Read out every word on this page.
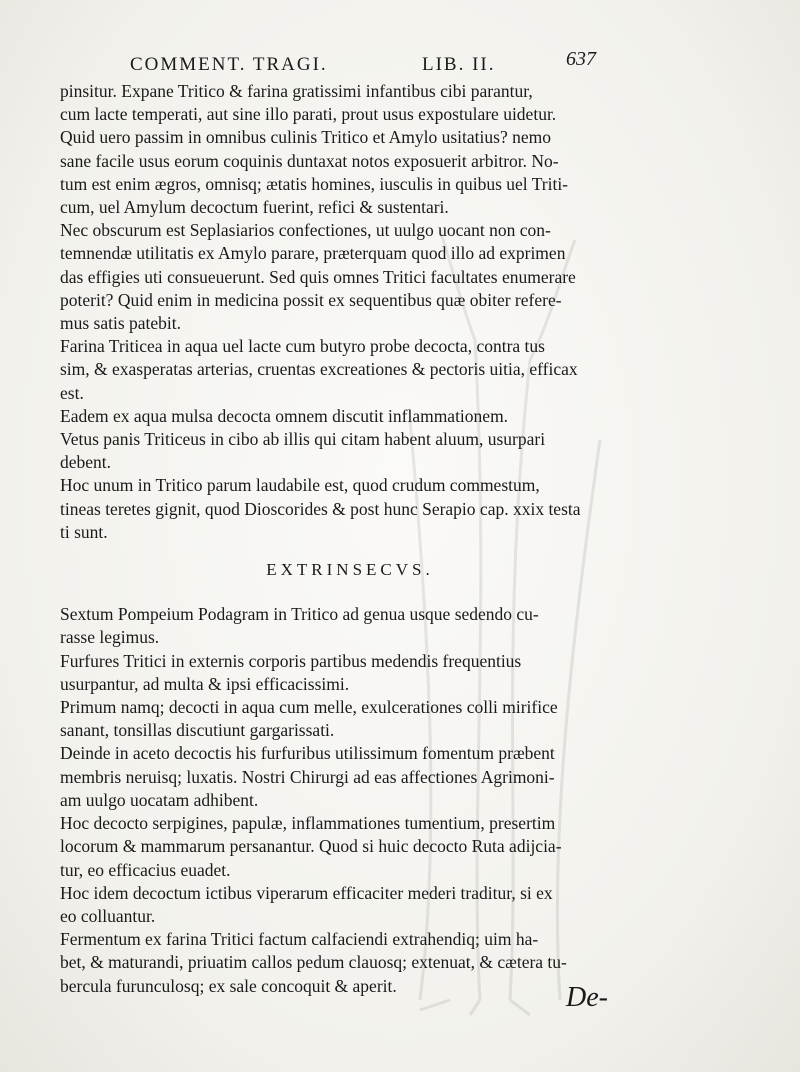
COMMENT. TRAGI.	LIB. II.	637

pinsitur. Expane Tritico & farina gratissimi infantibus cibi parantur,
cum lacte temperati, aut sine illo parati, prout usus expostulare uidetur.

Quid uero passim in omnibus culinis Tritico et Amylo usitatius? nemo
sane facile usus eorum coquinis duntaxat notos exposuerit arbitror. No-
tum est enim ægros, omnisq; ætatis homines, iusculis in quibus uel Triti-
cum, uel Amylum decoctum fuerint, refici & sustentari.

Nec obscurum est Seplasiarios confectiones, ut uulgo uocant non con-
temnendæ utilitatis ex Amylo parare, præterquam quod illo ad exprimen
das effigies uti consueuerunt. Sed quis omnes Tritici facultates enumerare
poterit? Quid enim in medicina possit ex sequentibus quæ obiter refere-
mus satis patebit.

Farina Triticea in aqua uel lacte cum butyro probe decocta, contra tus
sim, & exasperatas arterias, cruentas excreationes & pectoris uitia, efficax
est.

Eadem ex aqua mulsa decocta omnem discutit inflammationem.

Vetus panis Triticeus in cibo ab illis qui citam habent aluum, usurpari
debent.

Hoc unum in Tritico parum laudabile est, quod crudum commestum,
tineas teretes gignit, quod Dioscorides & post hunc Serapio cap. xxix testa
ti sunt.

EXTRINSECVS.

Sextum Pompeium Podagram in Tritico ad genua usque sedendo cu-
rasse legimus.

Furfures Tritici in externis corporis partibus medendis frequentius
usurpantur, ad multa & ipsi efficacissimi.

Primum namq; decocti in aqua cum melle, exulcerationes colli mirifice
sanant, tonsillas discutiunt gargarissati.

Deinde in aceto decoctis his furfuribus utilissimum fomentum præbent
membris neruisq; luxatis. Nostri Chirurgi ad eas affectiones Agrimoni-
am uulgo uocatam adhibent.

Hoc decocto serpigines, papulæ, inflammationes tumentium, presertim
locorum & mammarum persanantur. Quod si huic decocto Ruta adijcia-
tur, eo efficacius euadet.

Hoc idem decoctum ictibus viperarum efficaciter mederi traditur, si ex
eo colluantur.

Fermentum ex farina Tritici factum calfaciendi extrahendiq; uim ha-
bet, & maturandi, priuatim callos pedum clauosq; extenuat, & cætera tu-
bercula furunculosq; ex sale concoquit & aperit.	De-
